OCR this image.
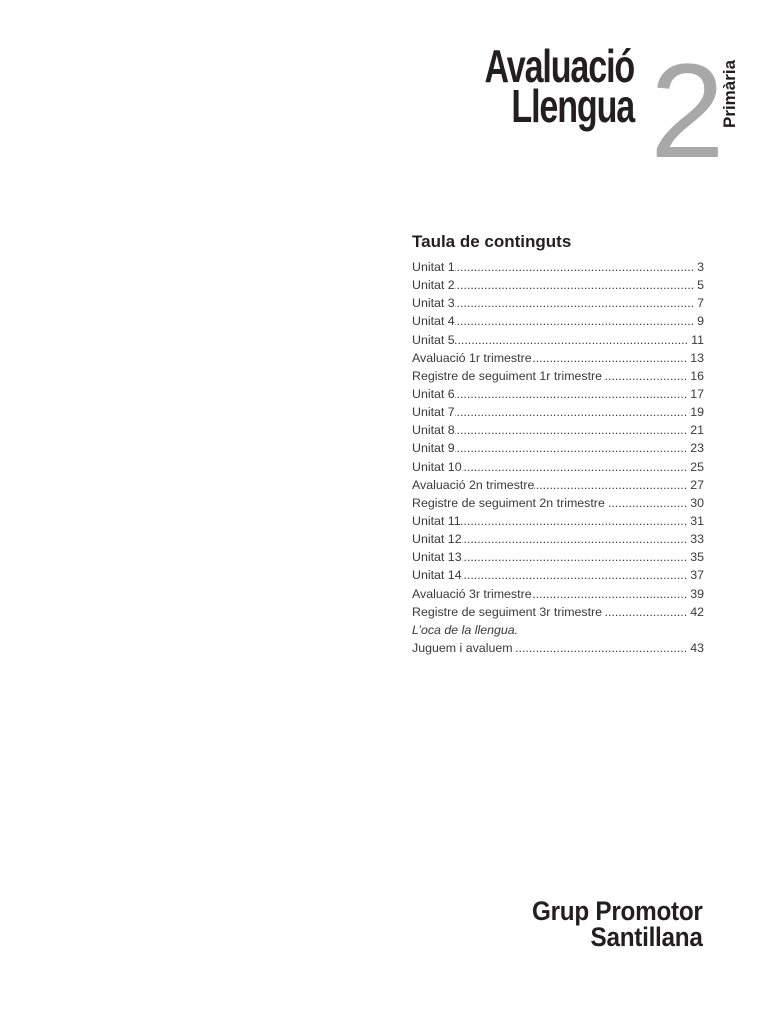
Avaluació
Llengua 2
Primària
Taula de continguts
Unitat 1 .....	3
Unitat 2 .....	5
Unitat 3 .....	7
Unitat 4 .....	9
Unitat 5 .....	11
Avaluació 1r trimestre .....	13
Registre de seguiment 1r trimestre .....	16
Unitat 6 .....	17
Unitat 7 .....	19
Unitat 8 .....	21
Unitat 9 .....	23
Unitat 10 .....	25
Avaluació 2n trimestre .....	27
Registre de seguiment 2n trimestre .....	30
Unitat 11 .....	31
Unitat 12 .....	33
Unitat 13 .....	35
Unitat 14 .....	37
Avaluació 3r trimestre .....	39
Registre de seguiment 3r trimestre .....	42
L’oca de la llengua.
Juguem i avaluem .....	43
Grup Promotor
Santillana
